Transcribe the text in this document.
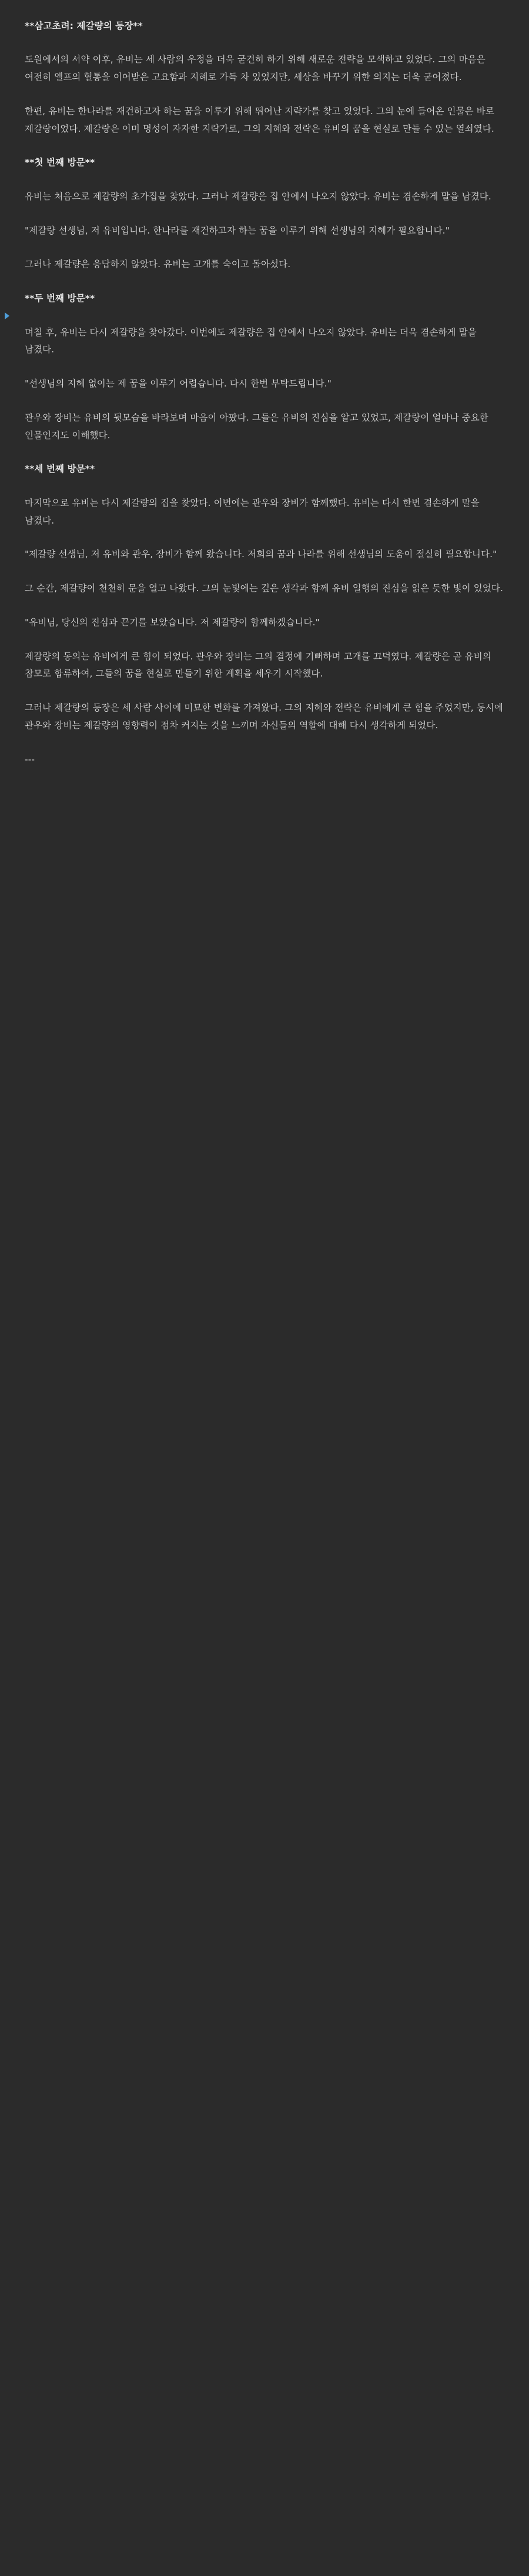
**삼고초려: 제갈량의 등장**
도원에서의 서약 이후, 유비는 세 사람의 우정을 더욱 굳건히 하기 위해 새로운 전략을 모색하고 있었다. 그의 마음은 여전히 엘프의 혈통을 이어받은 고요함과 지혜로 가득 차 있었지만, 세상을 바꾸기 위한 의지는 더욱 굳어졌다.
한편, 유비는 한나라를 재건하고자 하는 꿈을 이루기 위해 뛰어난 지략가를 찾고 있었다. 그의 눈에 들어온 인물은 바로 제갈량이었다. 제갈량은 이미 명성이 자자한 지략가로, 그의 지혜와 전략은 유비의 꿈을 현실로 만들 수 있는 열쇠였다.
**첫 번째 방문**
유비는 처음으로 제갈량의 초가집을 찾았다. 그러나 제갈량은 집 안에서 나오지 않았다. 유비는 겸손하게 말을 남겼다.
"제갈량 선생님, 저 유비입니다. 한나라를 재건하고자 하는 꿈을 이루기 위해 선생님의 지혜가 필요합니다."
그러나 제갈량은 응답하지 않았다. 유비는 고개를 숙이고 돌아섰다.
**두 번째 방문**
며칠 후, 유비는 다시 제갈량을 찾아갔다. 이번에도 제갈량은 집 안에서 나오지 않았다. 유비는 더욱 겸손하게 말을 남겼다.
"선생님의 지혜 없이는 제 꿈을 이루기 어렵습니다. 다시 한번 부탁드립니다."
관우와 장비는 유비의 뒷모습을 바라보며 마음이 아팠다. 그들은 유비의 진심을 알고 있었고, 제갈량이 얼마나 중요한 인물인지도 이해했다.
**세 번째 방문**
마지막으로 유비는 다시 제갈량의 집을 찾았다. 이번에는 관우와 장비가 함께했다. 유비는 다시 한번 겸손하게 말을 남겼다.
"제갈량 선생님, 저 유비와 관우, 장비가 함께 왔습니다. 저희의 꿈과 나라를 위해 선생님의 도움이 절실히 필요합니다."
그 순간, 제갈량이 천천히 문을 열고 나왔다. 그의 눈빛에는 깊은 생각과 함께 유비 일행의 진심을 읽은 듯한 빛이 있었다.
"유비님, 당신의 진심과 끈기를 보았습니다. 저 제갈량이 함께하겠습니다."
제갈량의 동의는 유비에게 큰 힘이 되었다. 관우와 장비는 그의 결정에 기뻐하며 고개를 끄덕였다. 제갈량은 곧 유비의 참모로 합류하여, 그들의 꿈을 현실로 만들기 위한 계획을 세우기 시작했다.
그러나 제갈량의 등장은 세 사람 사이에 미묘한 변화를 가져왔다. 그의 지혜와 전략은 유비에게 큰 힘을 주었지만, 동시에 관우와 장비는 제갈량의 영향력이 점차 커지는 것을 느끼며 자신들의 역할에 대해 다시 생각하게 되었다.
---
